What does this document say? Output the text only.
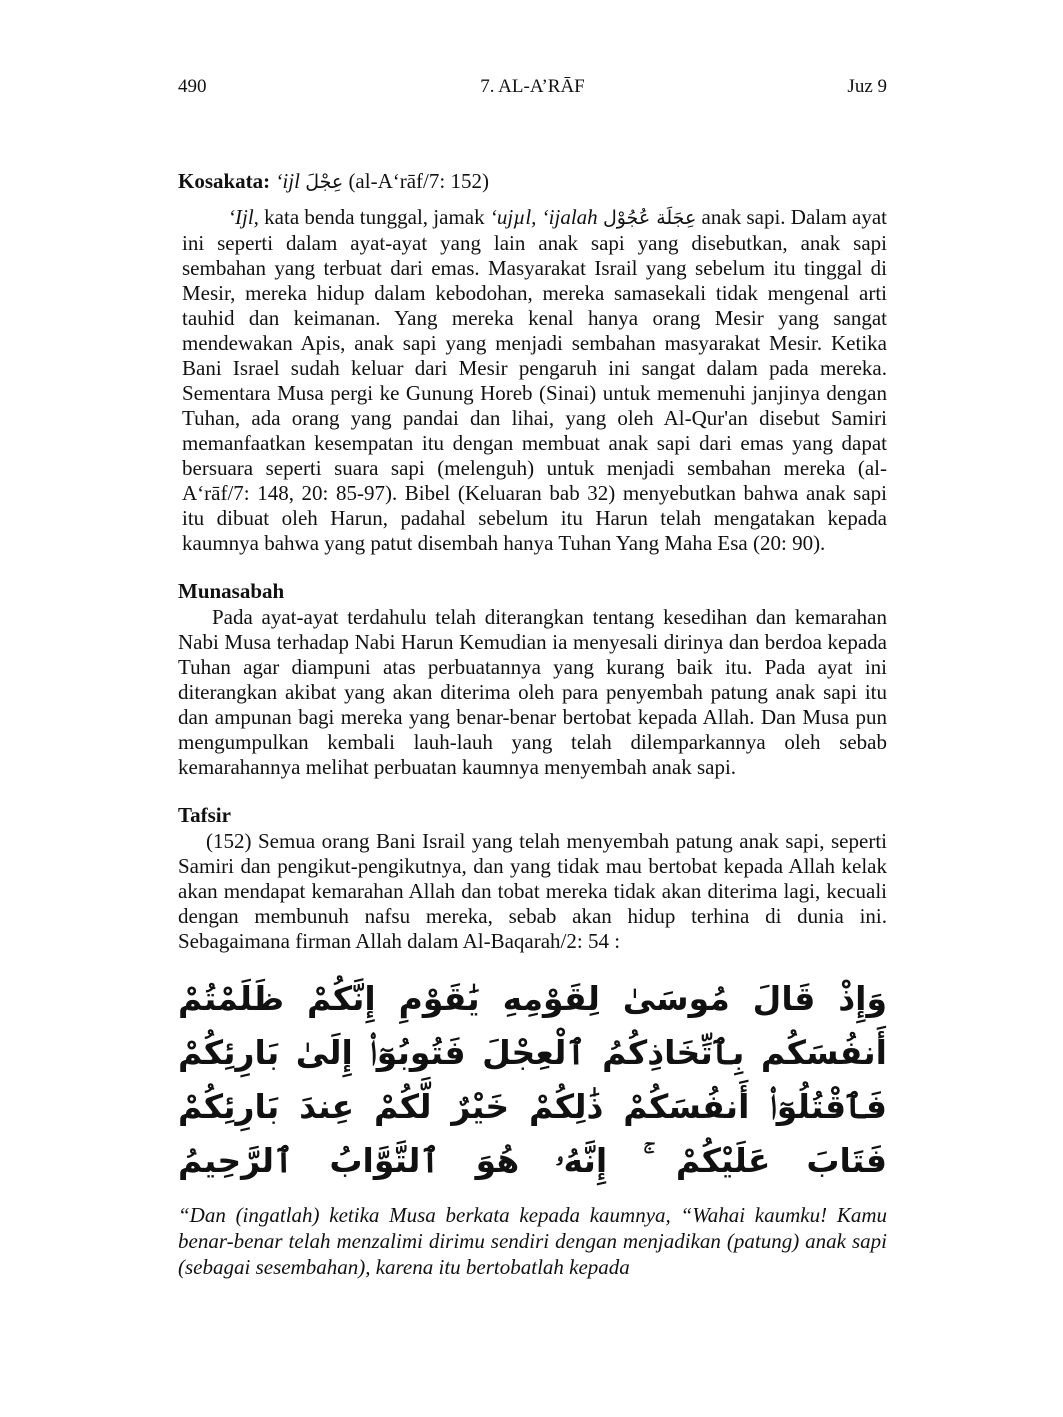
490	7. AL-A’RĀF	Juz 9

Kosakata: ‘ijl عِجْلَ (al-A‘rāf/7: 152)

‘Ijl, kata benda tunggal, jamak ‘ujµl, ‘ijalah عِجَلَة عُجُوْل anak sapi. Dalam ayat ini seperti dalam ayat-ayat yang lain anak sapi yang disebutkan, anak sapi sembahan yang terbuat dari emas. Masyarakat Israil yang sebelum itu tinggal di Mesir, mereka hidup dalam kebodohan, mereka samasekali tidak mengenal arti tauhid dan keimanan. Yang mereka kenal hanya orang Mesir yang sangat mendewakan Apis, anak sapi yang menjadi sembahan masyarakat Mesir. Ketika Bani Israel sudah keluar dari Mesir pengaruh ini sangat dalam pada mereka. Sementara Musa pergi ke Gunung Horeb (Sinai) untuk memenuhi janjinya dengan Tuhan, ada orang yang pandai dan lihai, yang oleh Al-Qur'an disebut Samiri memanfaatkan kesempatan itu dengan membuat anak sapi dari emas yang dapat bersuara seperti suara sapi (melenguh) untuk menjadi sembahan mereka (al-A‘rāf/7: 148, 20: 85-97). Bibel (Keluaran bab 32) menyebutkan bahwa anak sapi itu dibuat oleh Harun, padahal sebelum itu Harun telah mengatakan kepada kaumnya bahwa yang patut disembah hanya Tuhan Yang Maha Esa (20: 90).

Munasabah

Pada ayat-ayat terdahulu telah diterangkan tentang kesedihan dan kemarahan Nabi Musa terhadap Nabi Harun Kemudian ia menyesali dirinya dan berdoa kepada Tuhan agar diampuni atas perbuatannya yang kurang baik itu. Pada ayat ini diterangkan akibat yang akan diterima oleh para penyembah patung anak sapi itu dan ampunan bagi mereka yang benar-benar bertobat kepada Allah. Dan Musa pun mengumpulkan kembali lauh-lauh yang telah dilemparkannya oleh sebab kemarahannya melihat perbuatan kaumnya menyembah anak sapi.

Tafsir

(152) Semua orang Bani Israil yang telah menyembah patung anak sapi, seperti Samiri dan pengikut-pengikutnya, dan yang tidak mau bertobat kepada Allah kelak akan mendapat kemarahan Allah dan tobat mereka tidak akan diterima lagi, kecuali dengan membunuh nafsu mereka, sebab akan hidup terhina di dunia ini. Sebagaimana firman Allah dalam Al-Baqarah/2: 54 :

وَإِذْ قَالَ مُوسَىٰ لِقَوْمِهِ يَٰقَوْمِ إِنَّكُمْ ظَلَمْتُمْ أَنفُسَكُم بِٱتِّخَاذِكُمُ ٱلْعِجْلَ فَتُوبُوٓا۟ إِلَىٰ بَارِئِكُمْ فَٱقْتُلُوٓا۟ أَنفُسَكُمْ ذَٰلِكُمْ خَيْرٌ لَّكُمْ عِندَ بَارِئِكُمْ فَتَابَ عَلَيْكُمْ ۚ إِنَّهُۥ هُوَ ٱلتَّوَّابُ ٱلرَّحِيمُ

“Dan (ingatlah) ketika Musa berkata kepada kaumnya, “Wahai kaumku! Kamu benar-benar telah menzalimi dirimu sendiri dengan menjadikan (patung) anak sapi (sebagai sesembahan), karena itu bertobatlah kepada
